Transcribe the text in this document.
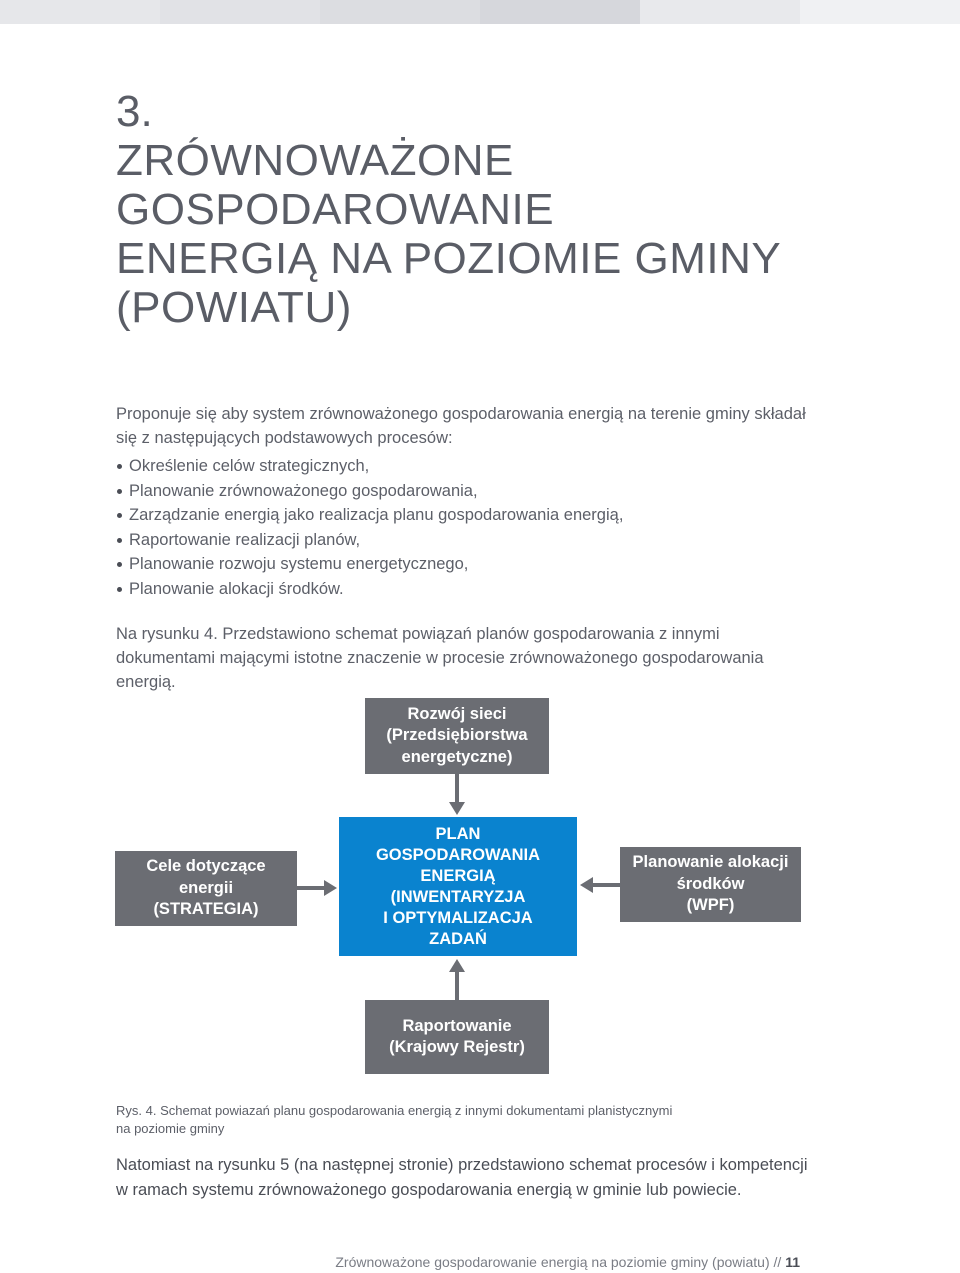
3.
ZRÓWNOWAŻONE
GOSPODAROWANIE
ENERGIĄ NA POZIOMIE GMINY
(POWIATU)
Proponuje się aby system zrównoważonego gospodarowania energią na terenie gminy składał się z następujących podstawowych procesów:
Określenie celów strategicznych,
Planowanie zrównoważonego gospodarowania,
Zarządzanie energią jako realizacja planu gospodarowania energią,
Raportowanie realizacji planów,
Planowanie rozwoju systemu energetycznego,
Planowanie alokacji środków.
Na rysunku 4. Przedstawiono schemat powiązań planów gospodarowania z innymi dokumentami mającymi istotne znaczenie w procesie zrównoważonego gospodarowania energią.
Rozwój sieci
(Przedsiębiorstwa
energetyczne)
PLAN
GOSPODAROWANIA
ENERGIĄ
(INWENTARYZJA
I OPTYMALIZACJA
ZADAŃ
Cele dotyczące
energii
(STRATEGIA)
Planowanie alokacji
środków
(WPF)
Raportowanie
(Krajowy Rejestr)
Rys. 4. Schemat powiazań planu gospodarowania energią z innymi dokumentami planistycznymi
na poziomie gminy
Natomiast na rysunku 5 (na następnej stronie) przedstawiono schemat procesów i kompetencji w ramach systemu zrównoważonego gospodarowania energią w gminie lub powiecie.
Zrównoważone gospodarowanie energią na poziomie gminy (powiatu) // 11
